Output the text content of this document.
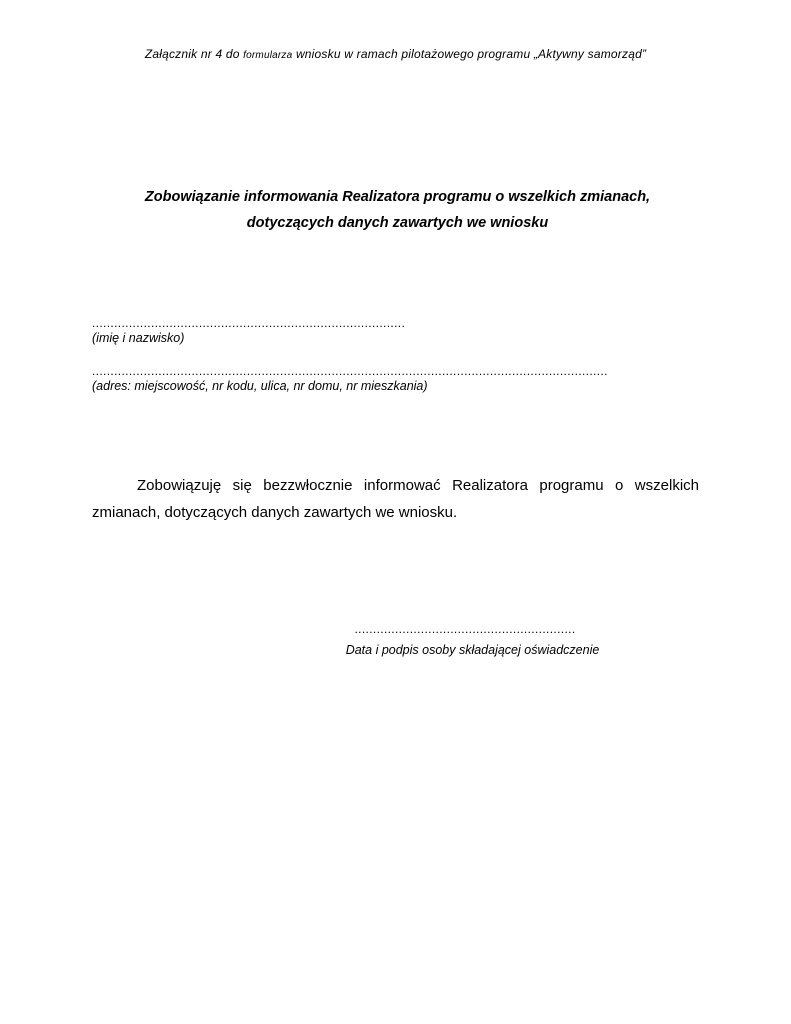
Załącznik nr 4 do formularza wniosku w ramach pilotażowego programu „Aktywny samorząd”
Zobowiązanie informowania Realizatora programu o wszelkich zmianach,
dotyczących danych zawartych we wniosku
.....................................................................................
(imię i nazwisko)
............................................................................................................................................
(adres: miejscowość, nr kodu, ulica, nr domu, nr mieszkania)
Zobowiązuję się bezzwłocznie informować Realizatora programu o wszelkich zmianach, dotyczących danych zawartych we wniosku.
............................................................
Data i podpis osoby składającej oświadczenie
